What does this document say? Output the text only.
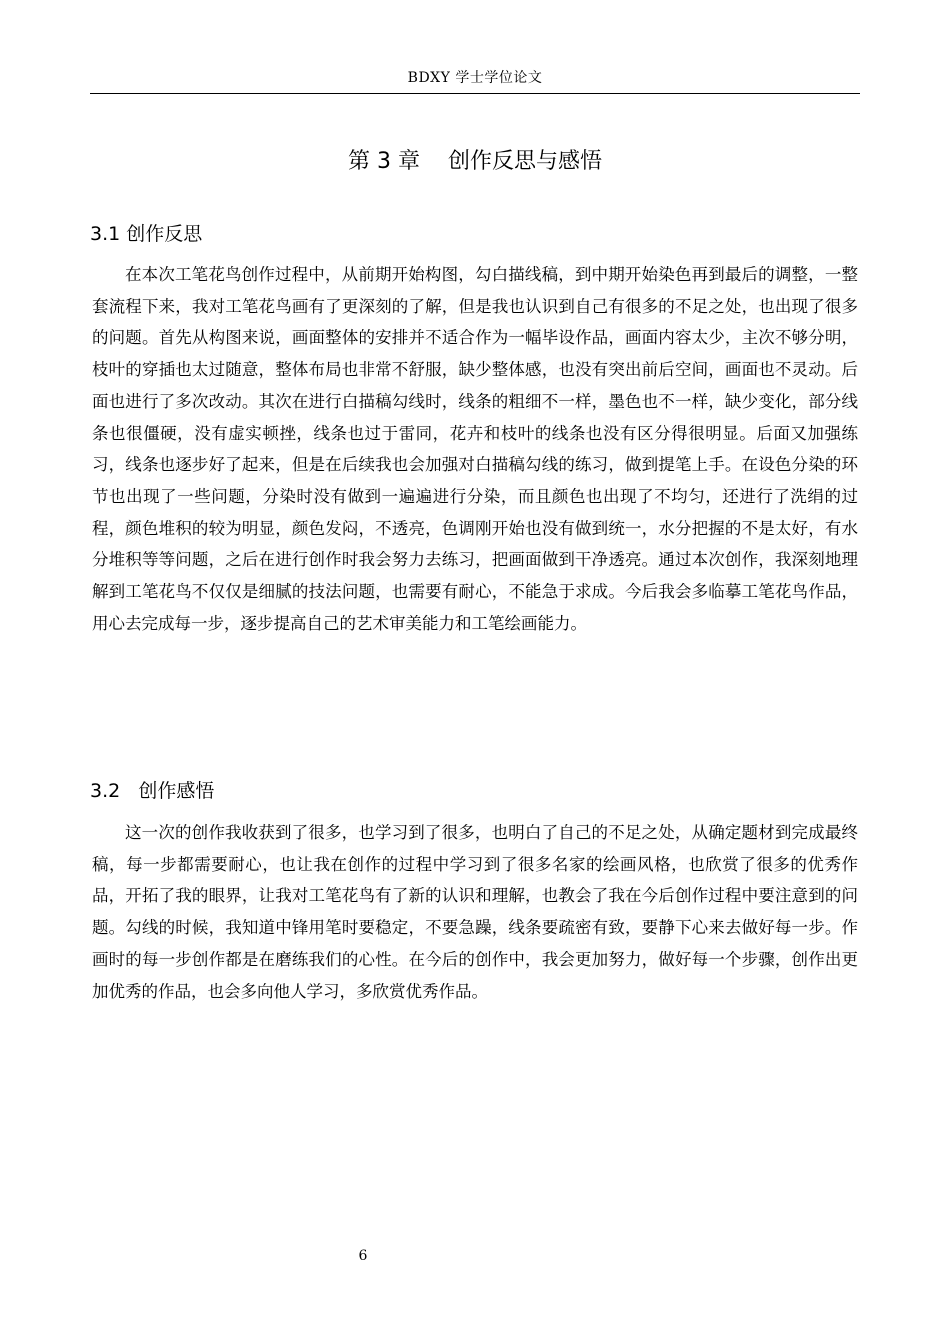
BDXY 学士学位论文
第 3 章    创作反思与感悟
3.1 创作反思

在本次工笔花鸟创作过程中，从前期开始构图，勾白描线稿，到中期开始染色再到最后的调整，一整套流程下来，我对工笔花鸟画有了更深刻的了解，但是我也认识到自己有很多的不足之处，也出现了很多的问题。首先从构图来说，画面整体的安排并不适合作为一幅毕设作品，画面内容太少，主次不够分明，枝叶的穿插也太过随意，整体布局也非常不舒服，缺少整体感，也没有突出前后空间，画面也不灵动。后面也进行了多次改动。其次在进行白描稿勾线时，线条的粗细不一样，墨色也不一样，缺少变化，部分线条也很僵硬，没有虚实顿挫，线条也过于雷同，花卉和枝叶的线条也没有区分得很明显。后面又加强练习，线条也逐步好了起来，但是在后续我也会加强对白描稿勾线的练习，做到提笔上手。在设色分染的环节也出现了一些问题，分染时没有做到一遍遍进行分染，而且颜色也出现了不均匀，还进行了洗绢的过程，颜色堆积的较为明显，颜色发闷，不透亮，色调刚开始也没有做到统一，水分把握的不是太好，有水分堆积等等问题，之后在进行创作时我会努力去练习，把画面做到干净透亮。通过本次创作，我深刻地理解到工笔花鸟不仅仅是细腻的技法问题，也需要有耐心，不能急于求成。今后我会多临摹工笔花鸟作品，用心去完成每一步，逐步提高自己的艺术审美能力和工笔绘画能力。

3.2   创作感悟

这一次的创作我收获到了很多，也学习到了很多，也明白了自己的不足之处，从确定题材到完成最终稿，每一步都需要耐心，也让我在创作的过程中学习到了很多名家的绘画风格，也欣赏了很多的优秀作品，开拓了我的眼界，让我对工笔花鸟有了新的认识和理解，也教会了我在今后创作过程中要注意到的问题。勾线的时候，我知道中锋用笔时要稳定，不要急躁，线条要疏密有致，要静下心来去做好每一步。作画时的每一步创作都是在磨练我们的心性。在今后的创作中，我会更加努力，做好每一个步骤，创作出更加优秀的作品，也会多向他人学习，多欣赏优秀作品。

6
